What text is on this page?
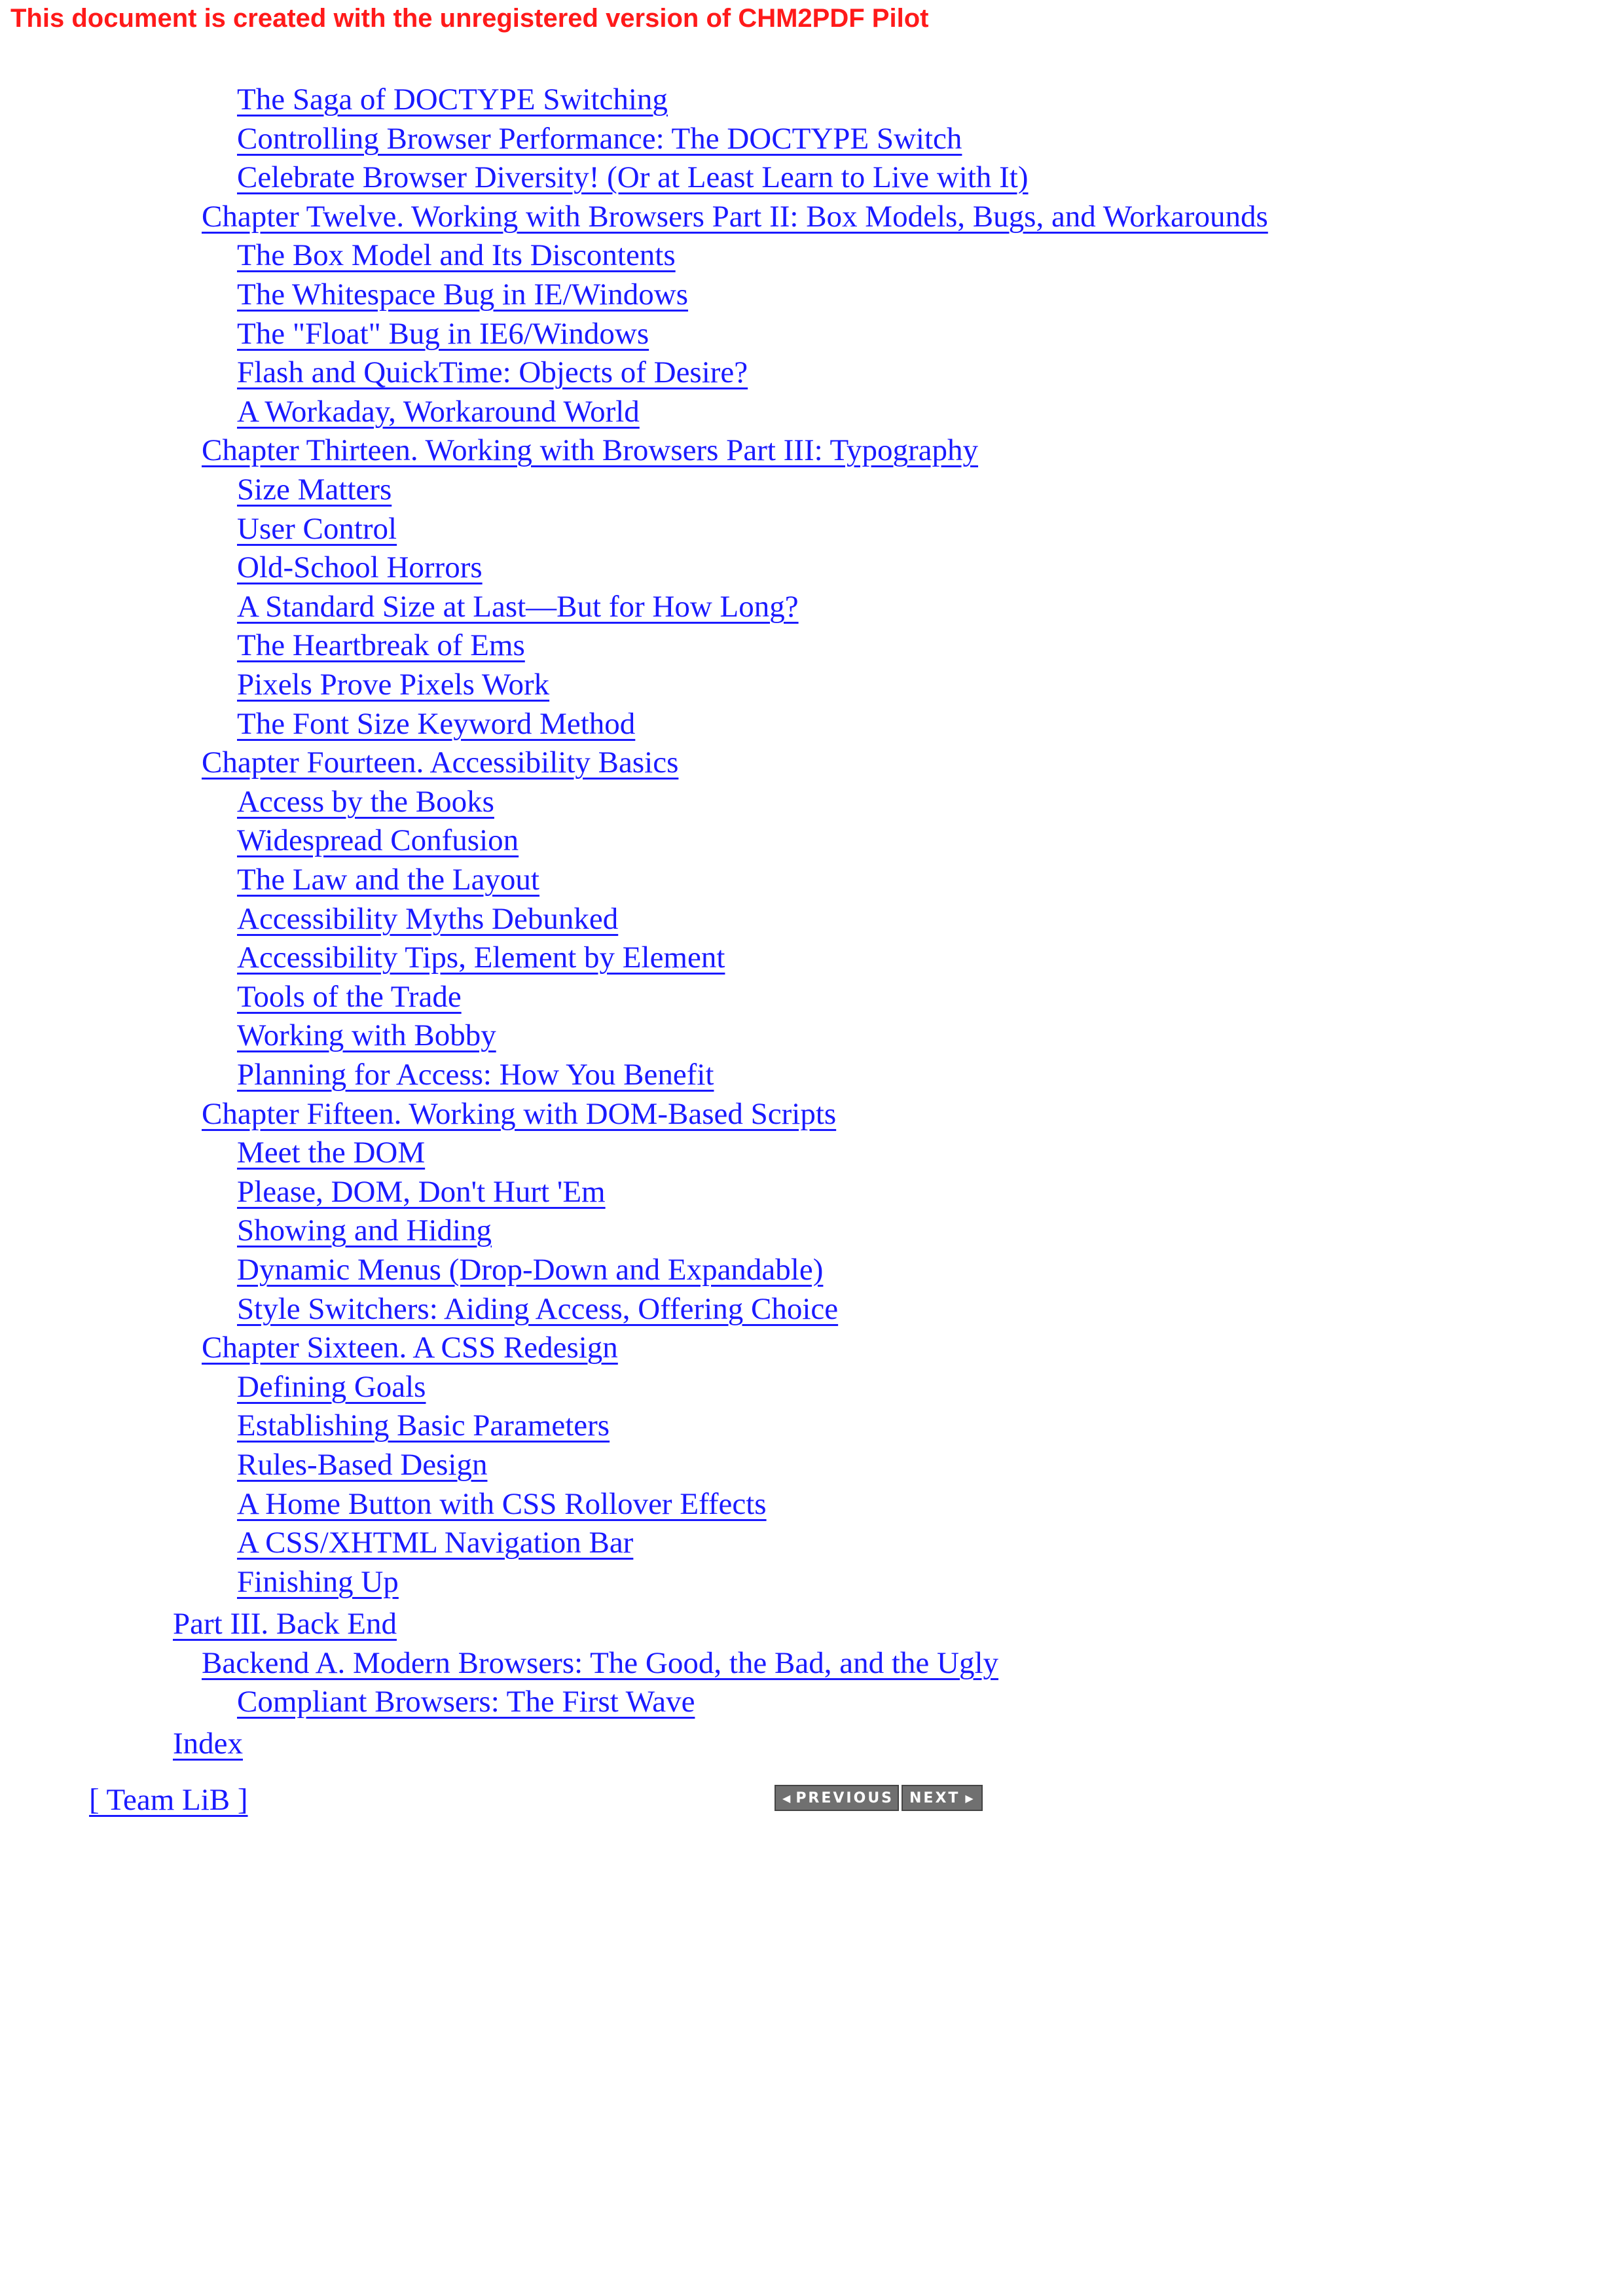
This document is created with the unregistered version of CHM2PDF Pilot
The Saga of DOCTYPE Switching
Controlling Browser Performance: The DOCTYPE Switch
Celebrate Browser Diversity! (Or at Least Learn to Live with It)
Chapter Twelve. Working with Browsers Part II: Box Models, Bugs, and Workarounds
The Box Model and Its Discontents
The Whitespace Bug in IE/Windows
The "Float" Bug in IE6/Windows
Flash and QuickTime: Objects of Desire?
A Workaday, Workaround World
Chapter Thirteen. Working with Browsers Part III: Typography
Size Matters
User Control
Old-School Horrors
A Standard Size at Last—But for How Long?
The Heartbreak of Ems
Pixels Prove Pixels Work
The Font Size Keyword Method
Chapter Fourteen. Accessibility Basics
Access by the Books
Widespread Confusion
The Law and the Layout
Accessibility Myths Debunked
Accessibility Tips, Element by Element
Tools of the Trade
Working with Bobby
Planning for Access: How You Benefit
Chapter Fifteen. Working with DOM-Based Scripts
Meet the DOM
Please, DOM, Don't Hurt 'Em
Showing and Hiding
Dynamic Menus (Drop-Down and Expandable)
Style Switchers: Aiding Access, Offering Choice
Chapter Sixteen. A CSS Redesign
Defining Goals
Establishing Basic Parameters
Rules-Based Design
A Home Button with CSS Rollover Effects
A CSS/XHTML Navigation Bar
Finishing Up
Part III. Back End
Backend A. Modern Browsers: The Good, the Bad, and the Ugly
Compliant Browsers: The First Wave
Index
[ Team LiB ]	◀ PREVIOUS NEXT ▶
